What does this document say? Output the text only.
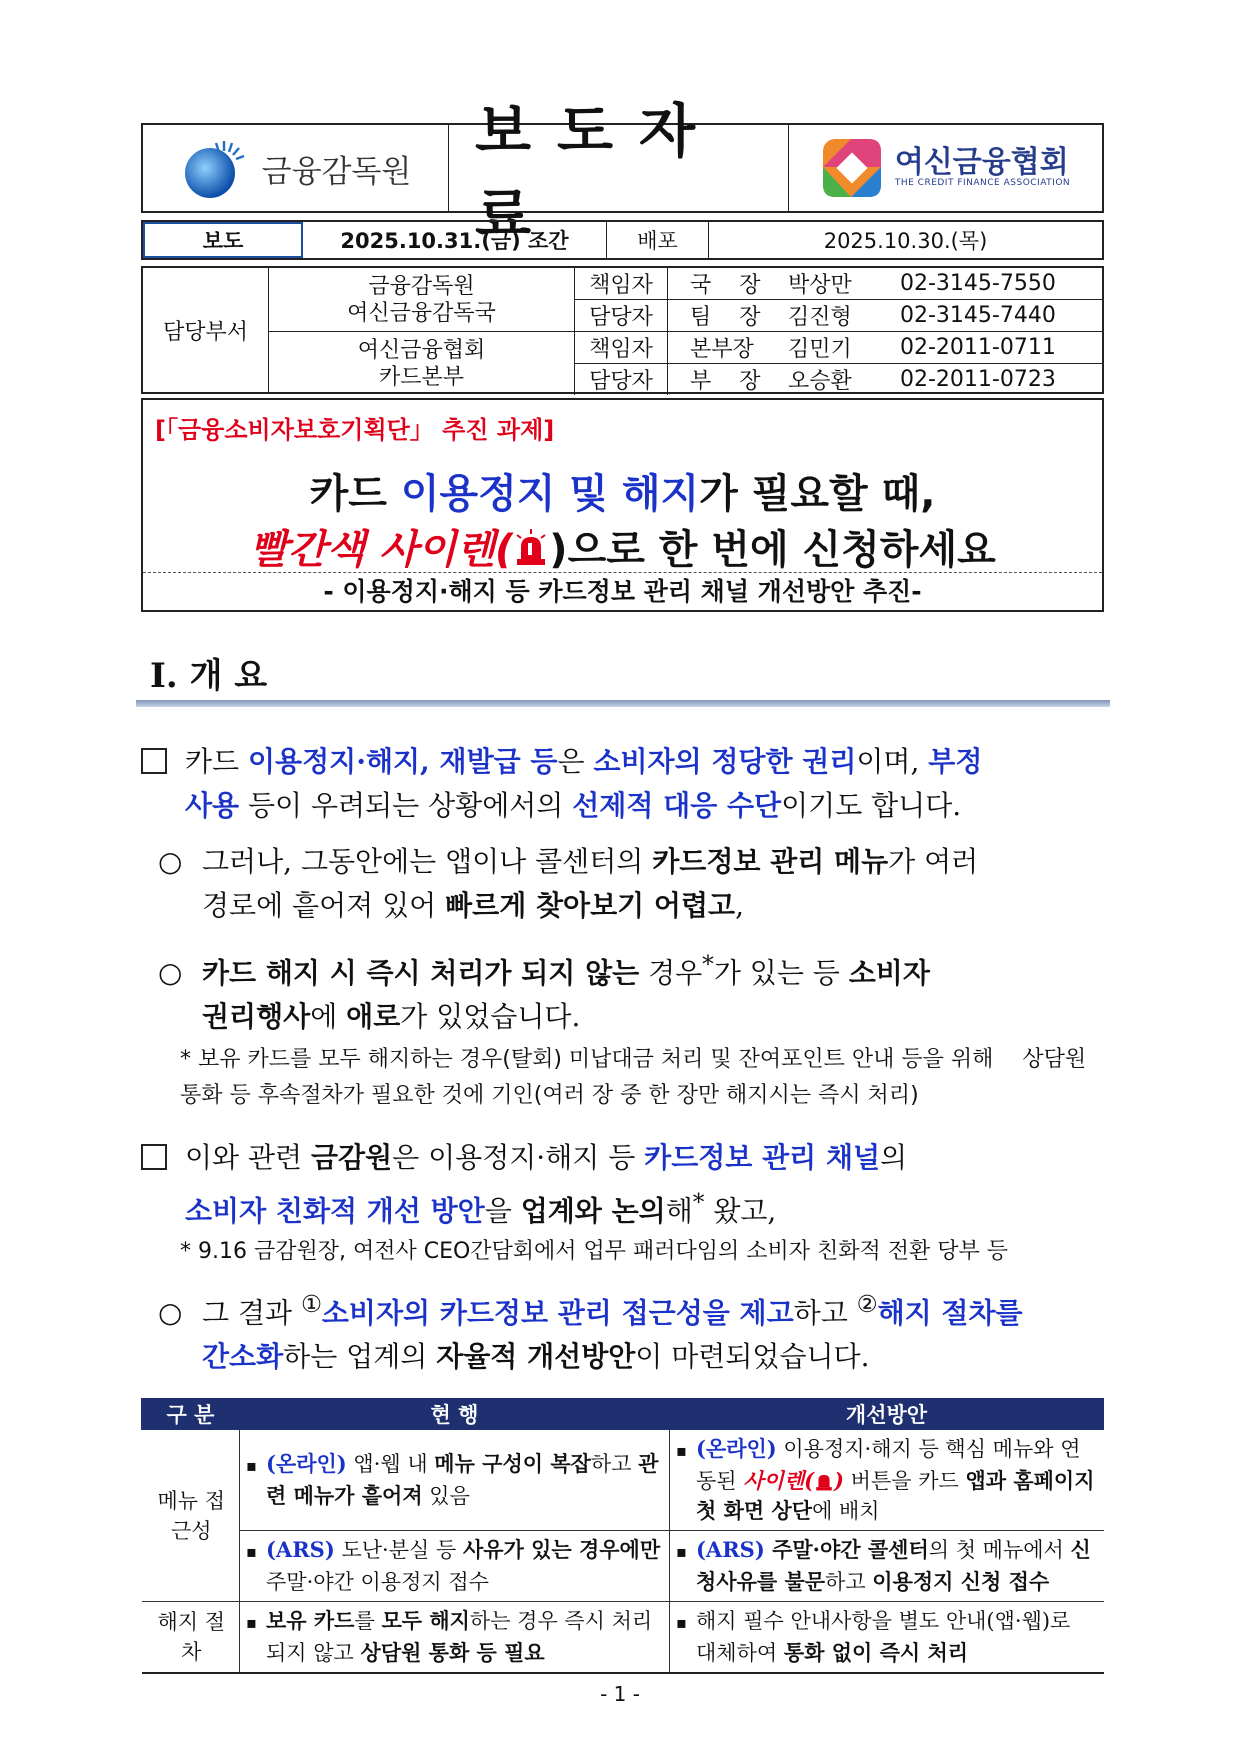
금융감독원
보도자료
여신금융협회
THE CREDIT FINANCE ASSOCIATION
보도	2025.10.31.(금) 조간	배포	2025.10.30.(목)
담당부서
금융감독원
여신금융감독국
책임자	국    장	박상만	02-3145-7550
담당자	팀    장	김진형	02-3145-7440
여신금융협회
카드본부
책임자	본부장	김민기	02-2011-0711
담당자	부    장	오승환	02-2011-0723
[「금융소비자보호기획단」 추진 과제]
카드 이용정지 및 해지가 필요할 때,
빨간색 사이렌( )으로 한 번에 신청하세요
- 이용정지·해지 등 카드정보 관리 채널 개선방안 추진-
Ⅰ. 개 요
카드 이용정지·해지, 재발급 등은 소비자의 정당한 권리이며, 부정
사용 등이 우려되는 상황에서의 선제적 대응 수단이기도 합니다.
○ 그러나, 그동안에는 앱이나 콜센터의 카드정보 관리 메뉴가 여러
경로에 흩어져 있어 빠르게 찾아보기 어렵고,
○ 카드 해지 시 즉시 처리가 되지 않는 경우*가 있는 등 소비자
권리행사에 애로가 있었습니다.
* 보유 카드를 모두 해지하는 경우(탈회) 미납대금 처리 및 잔여포인트 안내 등을 위해 상담원 통화 등 후속절차가 필요한 것에 기인(여러 장 중 한 장만 해지시는 즉시 처리)
이와 관련 금감원은 이용정지·해지 등 카드정보 관리 채널의
소비자 친화적 개선 방안을 업계와 논의해* 왔고,
* 9.16 금감원장, 여전사 CEO간담회에서 업무 패러다임의 소비자 친화적 전환 당부 등
○ 그 결과 ①소비자의 카드정보 관리 접근성을 제고하고 ②해지 절차를
간소화하는 업계의 자율적 개선방안이 마련되었습니다.
구 분	현 행	개선방안
메뉴 접근성	▪ (온라인) 앱·웹 내 메뉴 구성이 복잡하고 관련 메뉴가 흩어져 있음	▪ (온라인) 이용정지·해지 등 핵심 메뉴와 연동된 사이렌( ) 버튼을 카드 앱과 홈페이지 첫 화면 상단에 배치
	▪ (ARS) 도난·분실 등 사유가 있는 경우에만 주말·야간 이용정지 접수	▪ (ARS) 주말·야간 콜센터의 첫 메뉴에서 신청사유를 불문하고 이용정지 신청 접수
해지 절차	▪ 보유 카드를 모두 해지하는 경우 즉시 처리되지 않고 상담원 통화 등 필요	▪ 해지 필수 안내사항을 별도 안내(앱·웹)로 대체하여 통화 없이 즉시 처리
- 1 -
